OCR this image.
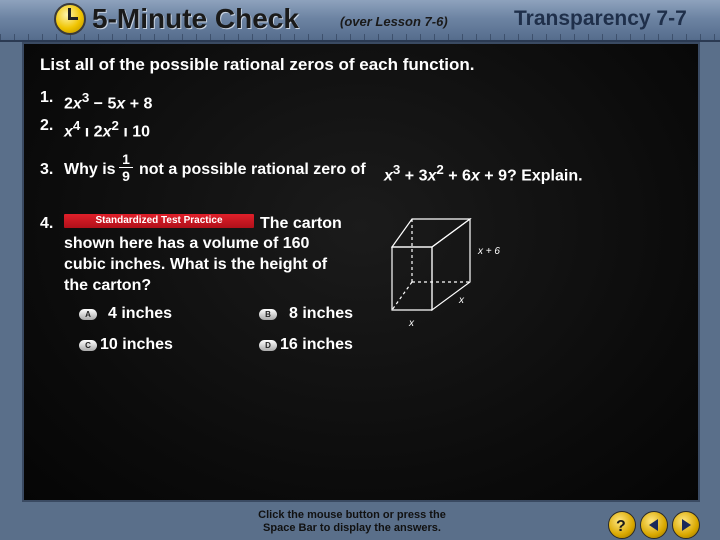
5-Minute Check	(over Lesson 7-6)	Transparency 7-7
List all of the possible rational zeros of each function.
1. $2x^3 - 5x + 8$
2. $x^4$ ı $2x^2$ ı 10
3. Why is
1
9 not a possible rational zero of $x^3 + 3x^2 + 6x + 9$? Explain.
4.	Standardized Test Practice	The carton
shown here has a volume of 160
cubic inches. What is the height of
the carton?
A	4 inches	B	8 inches
C 10 inches	D 16 inches
x + 6
x
x
Click the mouse button or press the
Space Bar to display the answers.	?
